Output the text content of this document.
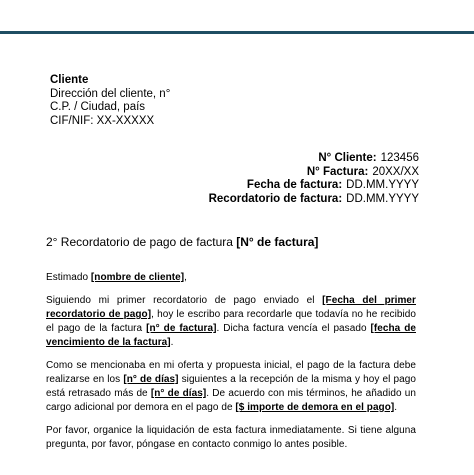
Cliente
Dirección del cliente, n°
C.P. / Ciudad, país
CIF/NIF: XX-XXXXX
N° Cliente: 123456
N° Factura: 20XX/XX
Fecha de factura: DD.MM.YYYY
Recordatorio de factura: DD.MM.YYYY
2° Recordatorio de pago de factura [N° de factura]

Estimado [nombre de cliente],

Siguiendo mi primer recordatorio de pago enviado el [Fecha del primer recordatorio de pago], hoy le escribo para recordarle que todavía no he recibido el pago de la factura [n° de factura]. Dicha factura vencía el pasado [fecha de vencimiento de la factura].

Como se mencionaba en mi oferta y propuesta inicial, el pago de la factura debe realizarse en los [n° de días] siguientes a la recepción de la misma y hoy el pago está retrasado más de [n° de días]. De acuerdo con mis términos, he añadido un cargo adicional por demora en el pago de [$ importe de demora en el pago].

Por favor, organice la liquidación de esta factura inmediatamente. Si tiene alguna pregunta, por favor, póngase en contacto conmigo lo antes posible.
